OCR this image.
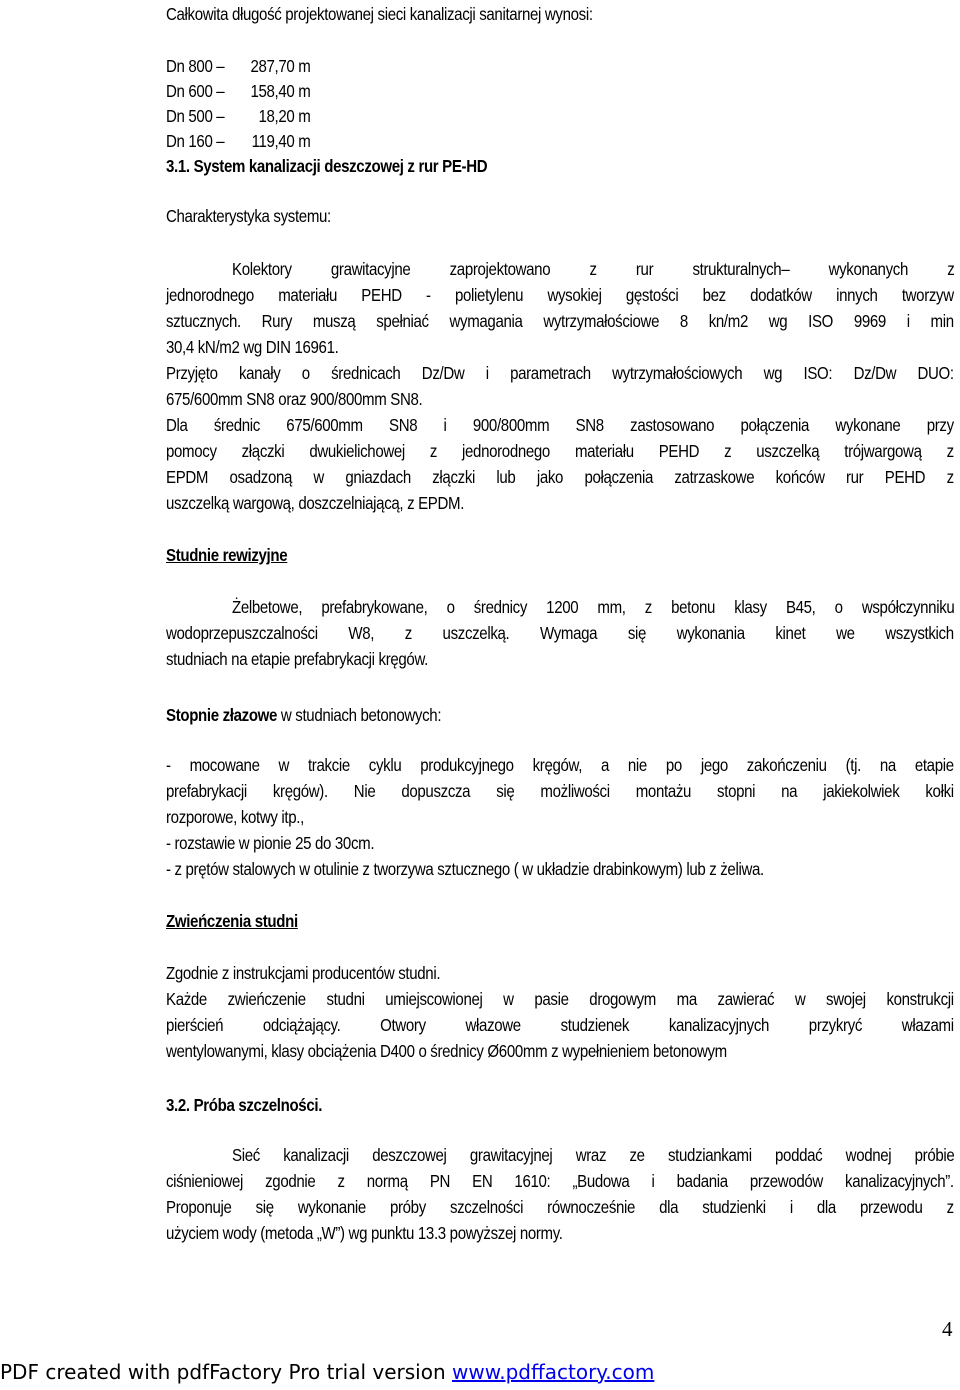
Całkowita długość projektowanej sieci kanalizacji sanitarnej wynosi:
Dn 800 –	287,70 m
Dn 600 –	158,40 m
Dn 500 –	18,20 m
Dn 160 –	119,40 m
3.1. System kanalizacji deszczowej z rur PE-HD
Charakterystyka systemu:
Kolektory grawitacyjne zaprojektowano z rur strukturalnych– wykonanych z
jednorodnego materiału PEHD - polietylenu wysokiej gęstości bez dodatków innych tworzyw
sztucznych. Rury muszą spełniać wymagania wytrzymałościowe 8 kn/m2 wg ISO 9969 i min
30,4 kN/m2 wg DIN 16961.
Przyjęto kanały o średnicach Dz/Dw i parametrach wytrzymałościowych wg ISO: Dz/Dw DUO:
675/600mm SN8 oraz 900/800mm SN8.
Dla średnic 675/600mm SN8 i 900/800mm SN8 zastosowano połączenia wykonane przy
pomocy złączki dwukielichowej z jednorodnego materiału PEHD z uszczelką trójwargową z
EPDM osadzoną w gniazdach złączki lub jako połączenia zatrzaskowe końców rur PEHD z
uszczelką wargową, doszczelniającą, z EPDM.
Studnie rewizyjne
Żelbetowe, prefabrykowane, o średnicy 1200 mm, z betonu klasy B45, o współczynniku
wodoprzepuszczalności W8, z uszczelką. Wymaga się wykonania kinet we wszystkich
studniach na etapie prefabrykacji kręgów.
Stopnie złazowe w studniach betonowych:
- mocowane w trakcie cyklu produkcyjnego kręgów, a nie po jego zakończeniu (tj. na etapie
prefabrykacji kręgów). Nie dopuszcza się możliwości montażu stopni na jakiekolwiek kołki
rozporowe, kotwy itp.,
- rozstawie w pionie 25 do 30cm.
- z prętów stalowych w otulinie z tworzywa sztucznego ( w układzie drabinkowym) lub z żeliwa.
Zwieńczenia studni
Zgodnie z instrukcjami producentów studni.
Każde zwieńczenie studni umiejscowionej w pasie drogowym ma zawierać w swojej konstrukcji
pierścień odciążający. Otwory włazowe studzienek kanalizacyjnych przykryć włazami
wentylowanymi, klasy obciążenia D400 o średnicy Ø600mm z wypełnieniem betonowym
3.2. Próba szczelności.
Sieć kanalizacji deszczowej grawitacyjnej wraz ze studziankami poddać wodnej próbie
ciśnieniowej zgodnie z normą PN EN 1610: „Budowa i badania przewodów kanalizacyjnych”.
Proponuje się wykonanie próby szczelności równocześnie dla studzienki i dla przewodu z
użyciem wody (metoda „W”) wg punktu 13.3 powyższej normy.
4
PDF created with pdfFactory Pro trial version www.pdffactory.com
